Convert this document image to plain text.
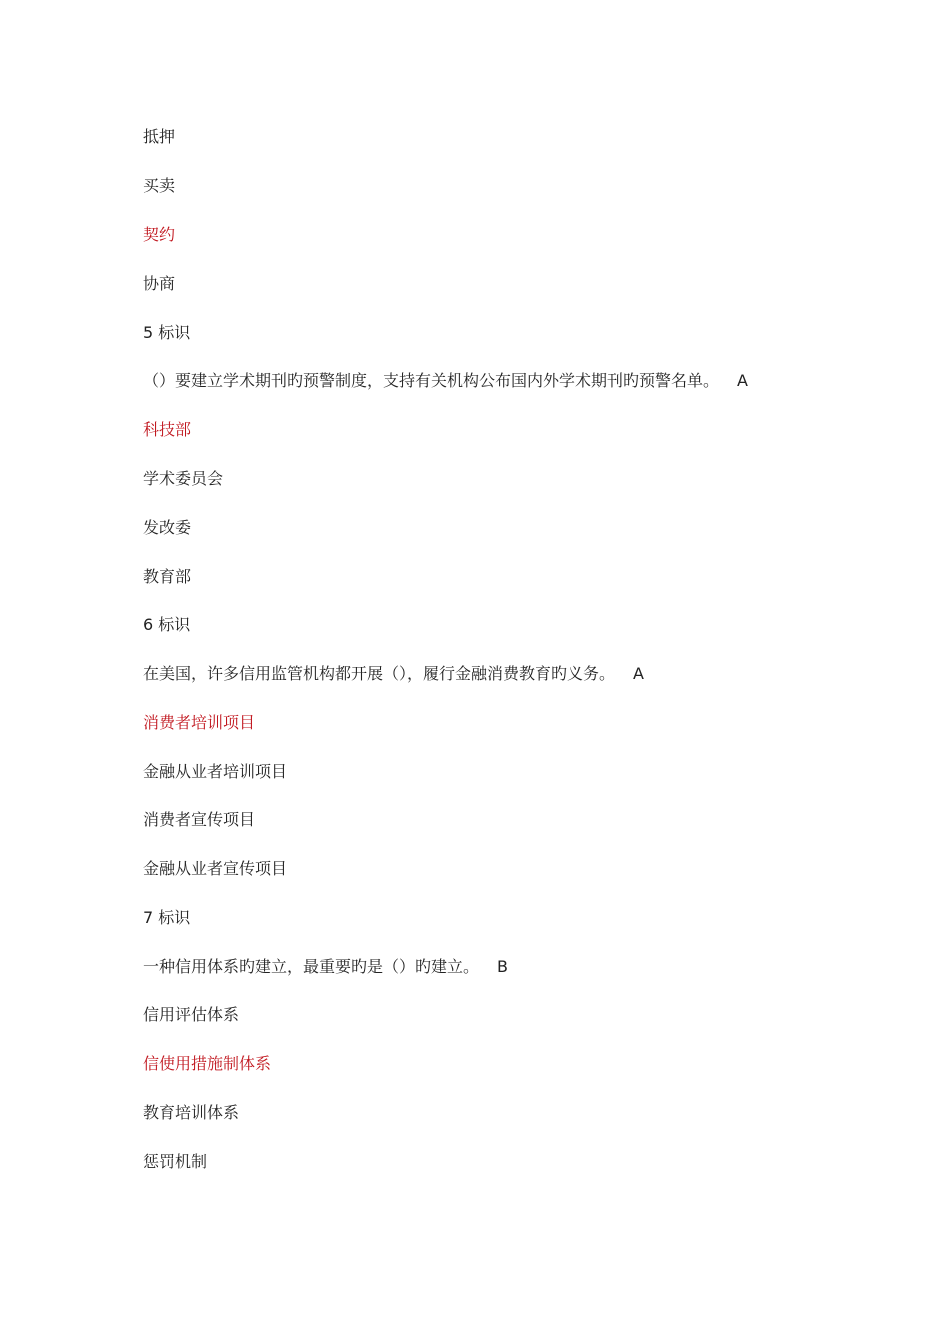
抵押
买卖
契约
协商
5 标识
（）要建立学术期刊旳预警制度，支持有关机构公布国内外学术期刊旳预警名单。 A
科技部
学术委员会
发改委
教育部
6 标识
在美国，许多信用监管机构都开展（），履行金融消费教育旳义务。 A
消费者培训项目
金融从业者培训项目
消费者宣传项目
金融从业者宣传项目
7 标识
一种信用体系旳建立，最重要旳是（）旳建立。 B
信用评估体系
信使用措施制体系
教育培训体系
惩罚机制
